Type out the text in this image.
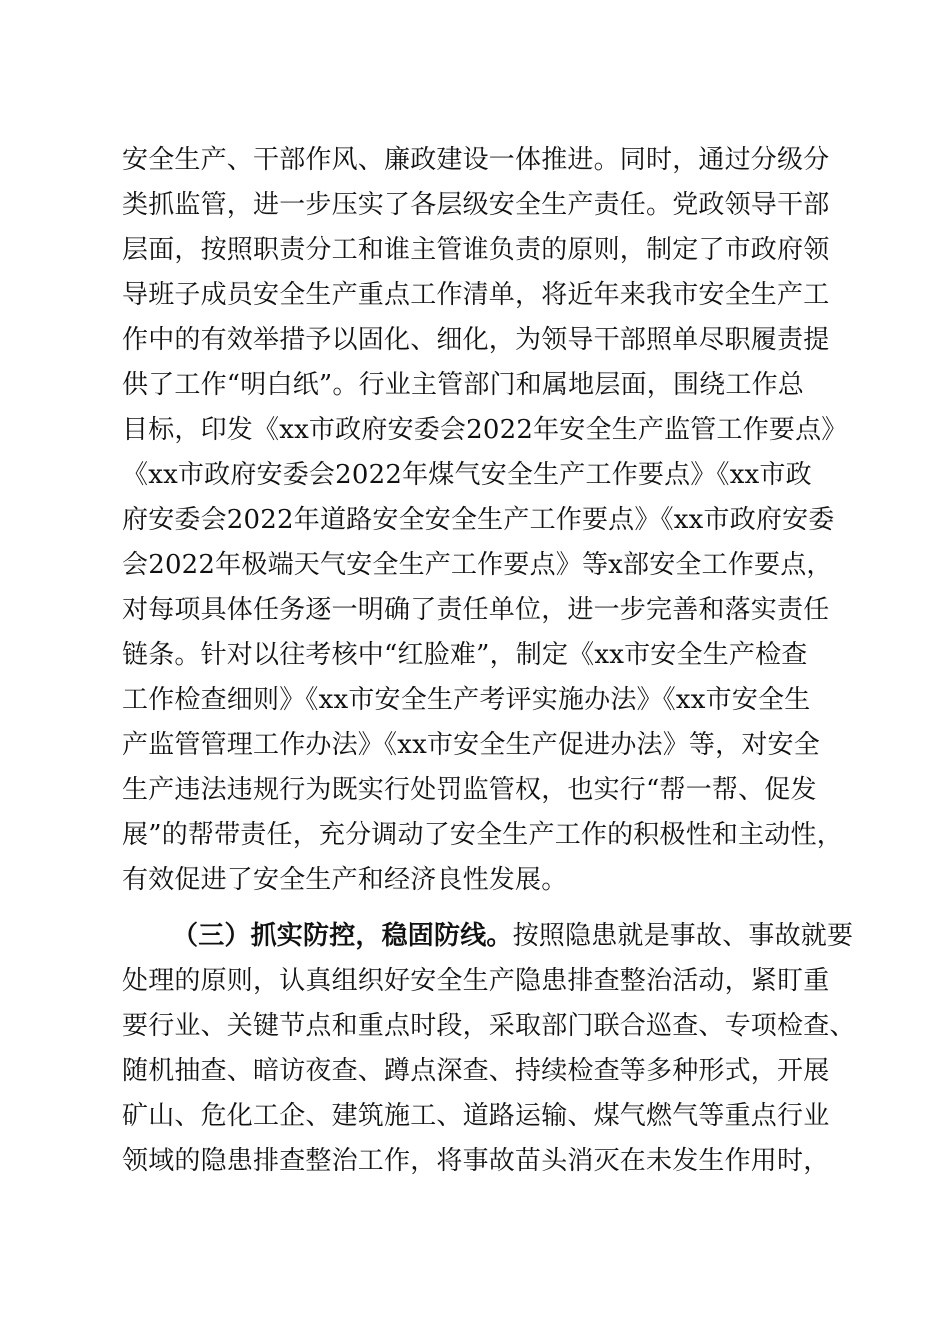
安全生产、干部作风、廉政建设一体推进。同时，通过分级分
类抓监管，进一步压实了各层级安全生产责任。党政领导干部
层面，按照职责分工和谁主管谁负责的原则，制定了市政府领
导班子成员安全生产重点工作清单，将近年来我市安全生产工
作中的有效举措予以固化、细化，为领导干部照单尽职履责提
供了工作“明白纸”。行业主管部门和属地层面，围绕工作总
目标，印发《xx市政府安委会2022年安全生产监管工作要点》
《xx市政府安委会2022年煤气安全生产工作要点》《xx市政
府安委会2022年道路安全安全生产工作要点》《xx市政府安委
会2022年极端天气安全生产工作要点》等x部安全工作要点，
对每项具体任务逐一明确了责任单位，进一步完善和落实责任
链条。针对以往考核中“红脸难”，制定《xx市安全生产检查
工作检查细则》《xx市安全生产考评实施办法》《xx市安全生
产监管管理工作办法》《xx市安全生产促进办法》等，对安全
生产违法违规行为既实行处罚监管权，也实行“帮一帮、促发
展”的帮带责任，充分调动了安全生产工作的积极性和主动性，
有效促进了安全生产和经济良性发展。
（三）抓实防控，稳固防线。按照隐患就是事故、事故就要
处理的原则，认真组织好安全生产隐患排查整治活动，紧盯重
要行业、关键节点和重点时段，采取部门联合巡查、专项检查、
随机抽查、暗访夜查、蹲点深查、持续检查等多种形式，开展
矿山、危化工企、建筑施工、道路运输、煤气燃气等重点行业
领域的隐患排查整治工作，将事故苗头消灭在未发生作用时，
